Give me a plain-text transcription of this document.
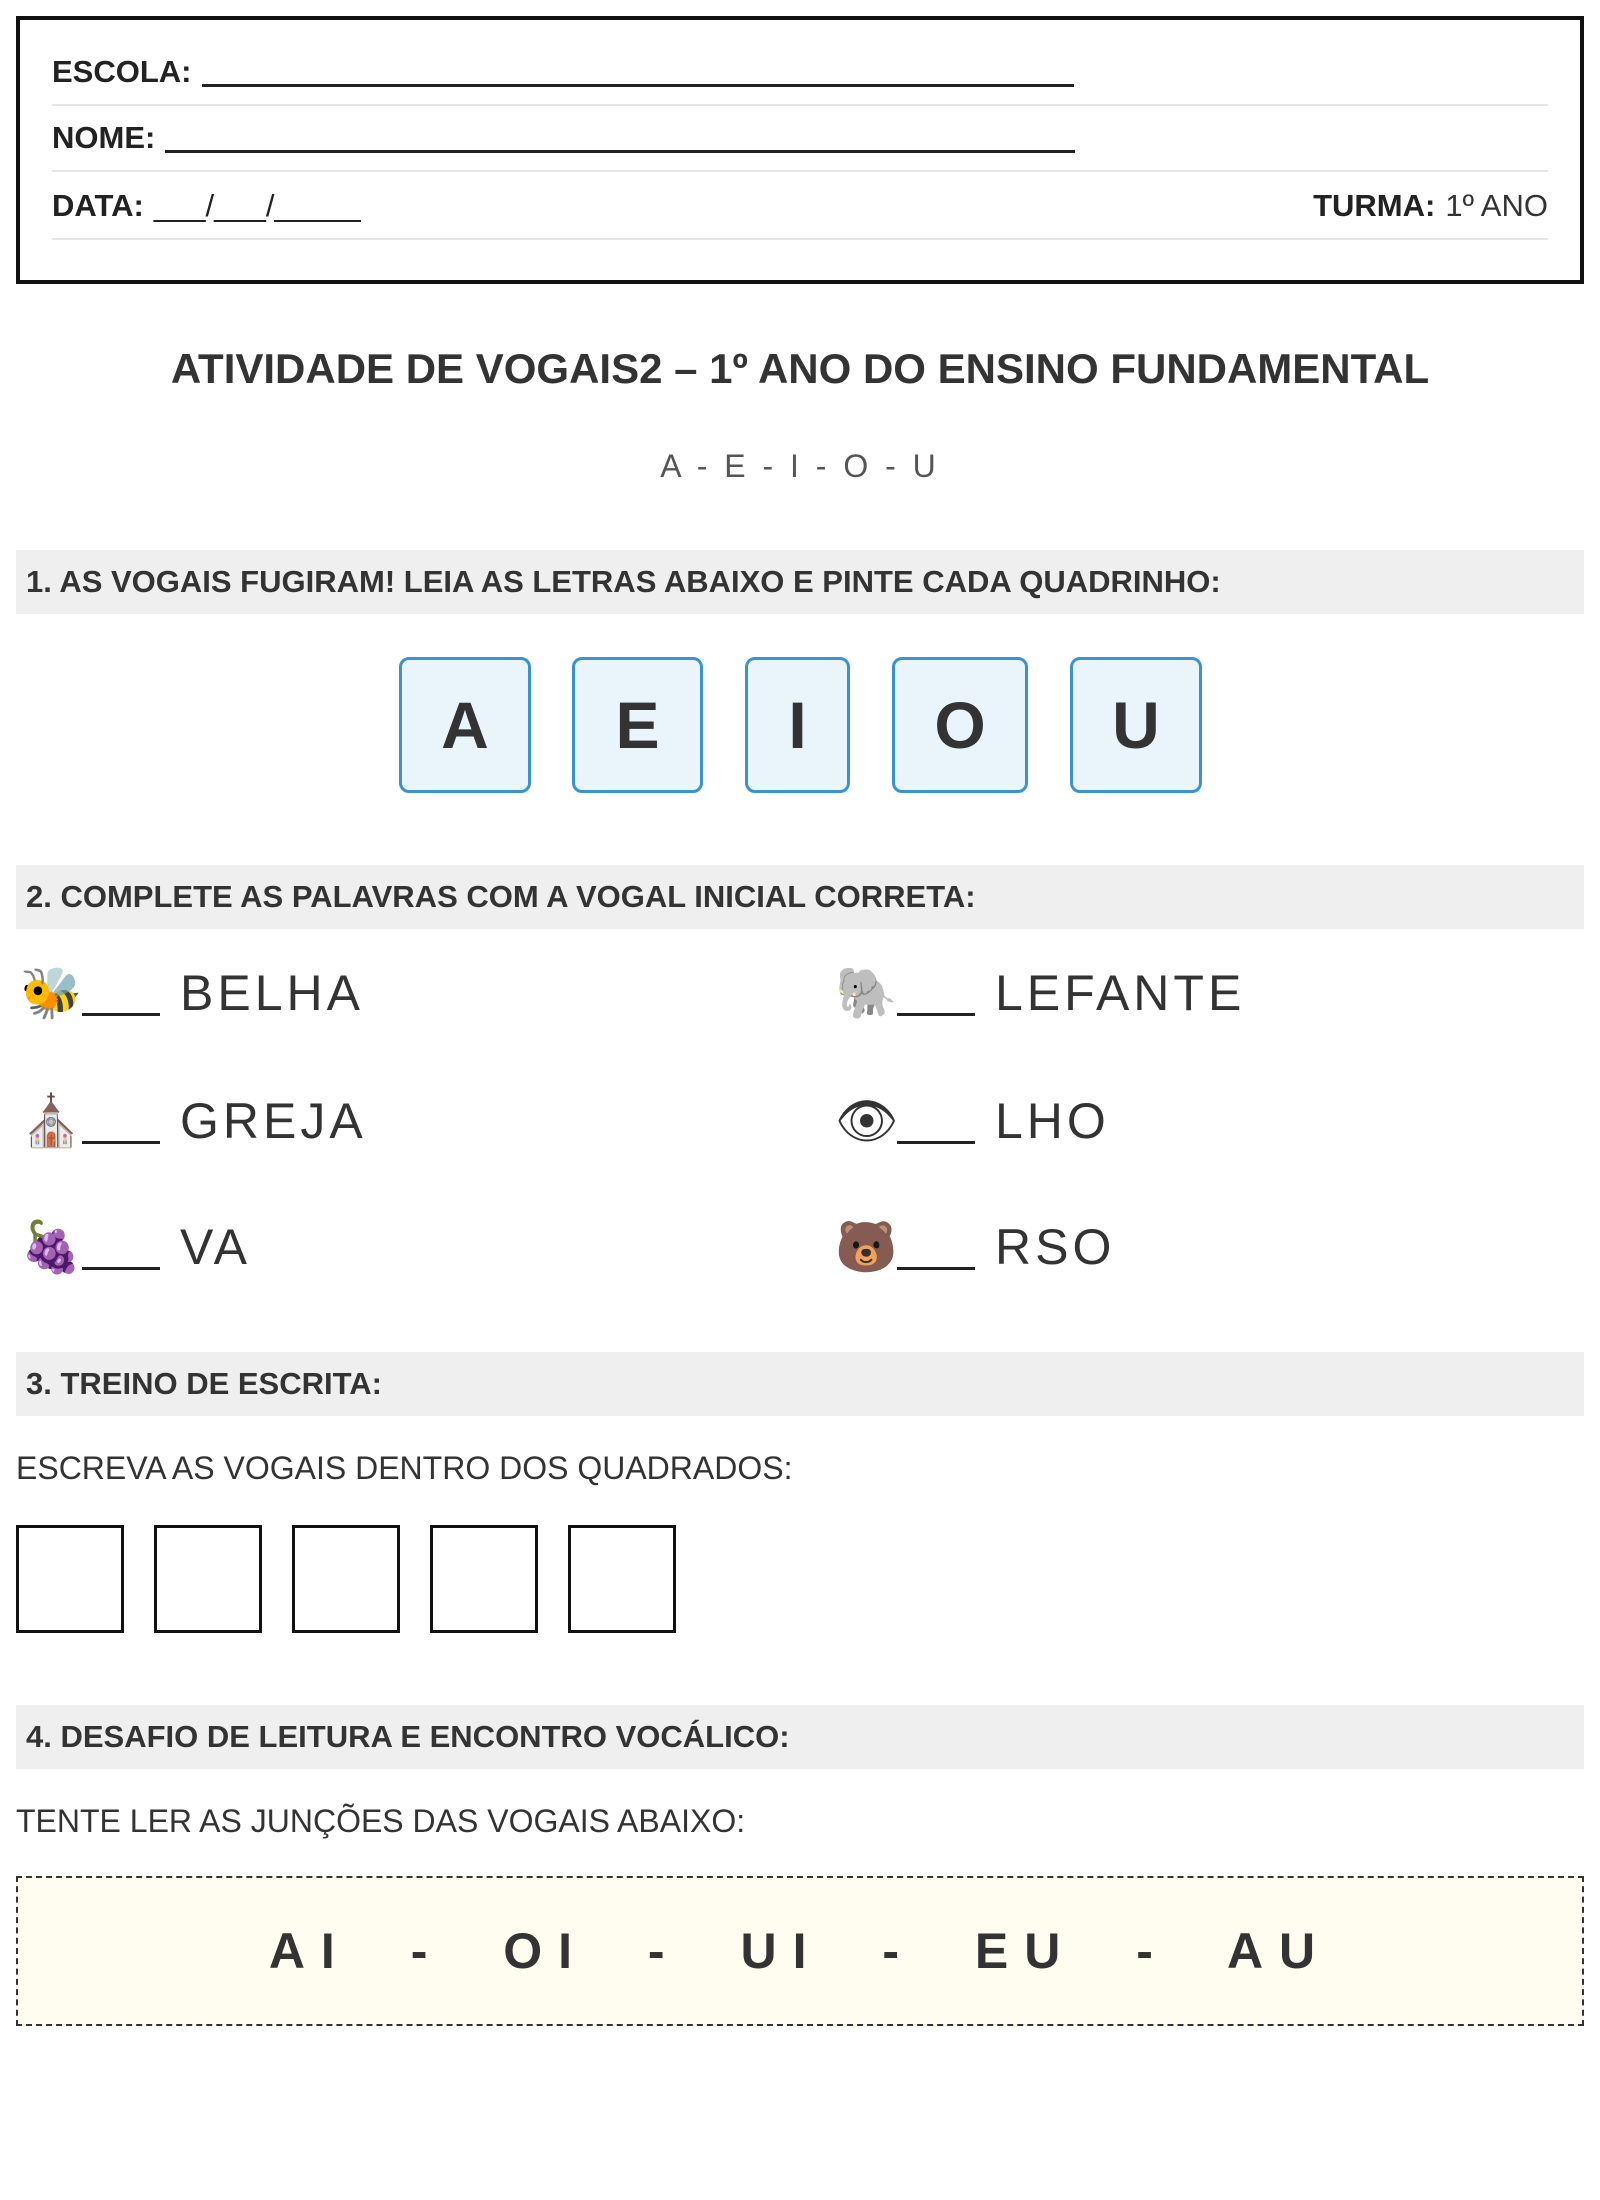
ESCOLA:
NOME:
DATA: ___/___/_____	TURMA: 1º ANO
ATIVIDADE DE VOGAIS2 – 1º ANO DO ENSINO FUNDAMENTAL
A - E - I - O - U
1. AS VOGAIS FUGIRAM! LEIA AS LETRAS ABAIXO E PINTE CADA QUADRINHO:
A	E	I	O	U
2. COMPLETE AS PALAVRAS COM A VOGAL INICIAL CORRETA:
🐝 BELHA	🐘 LEFANTE
⛪ GREJA	👁 LHO
🍇 VA	🐻 RSO
3. TREINO DE ESCRITA:
ESCREVA AS VOGAIS DENTRO DOS QUADRADOS:
4. DESAFIO DE LEITURA E ENCONTRO VOCÁLICO:
TENTE LER AS JUNÇÕES DAS VOGAIS ABAIXO:
AI - OI - UI - EU - AU
